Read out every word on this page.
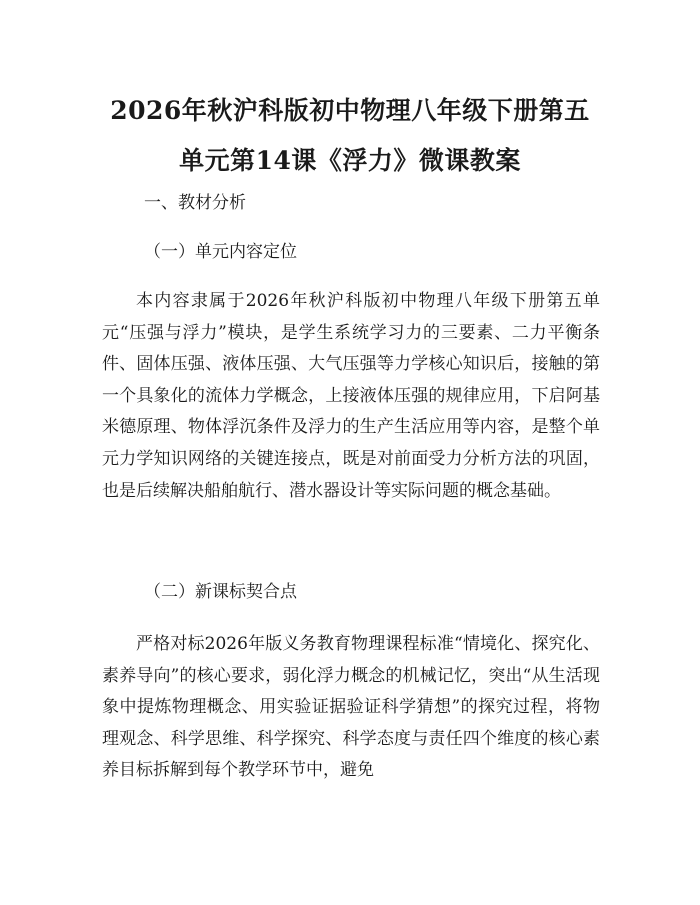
2026年秋沪科版初中物理八年级下册第五单元第14课《浮力》微课教案
一、教材分析
（一）单元内容定位

本内容隶属于2026年秋沪科版初中物理八年级下册第五单元“压强与浮力”模块，是学生系统学习力的三要素、二力平衡条件、固体压强、液体压强、大气压强等力学核心知识后，接触的第一个具象化的流体力学概念，上接液体压强的规律应用，下启阿基米德原理、物体浮沉条件及浮力的生产生活应用等内容，是整个单元力学知识网络的关键连接点，既是对前面受力分析方法的巩固，也是后续解决船舶航行、潜水器设计等实际问题的概念基础。

（二）新课标契合点

严格对标2026年版义务教育物理课程标准“情境化、探究化、素养导向”的核心要求，弱化浮力概念的机械记忆，突出“从生活现象中提炼物理概念、用实验证据验证科学猜想”的探究过程，将物理观念、科学思维、科学探究、科学态度与责任四个维度的核心素养目标拆解到每个教学环节中，避免
